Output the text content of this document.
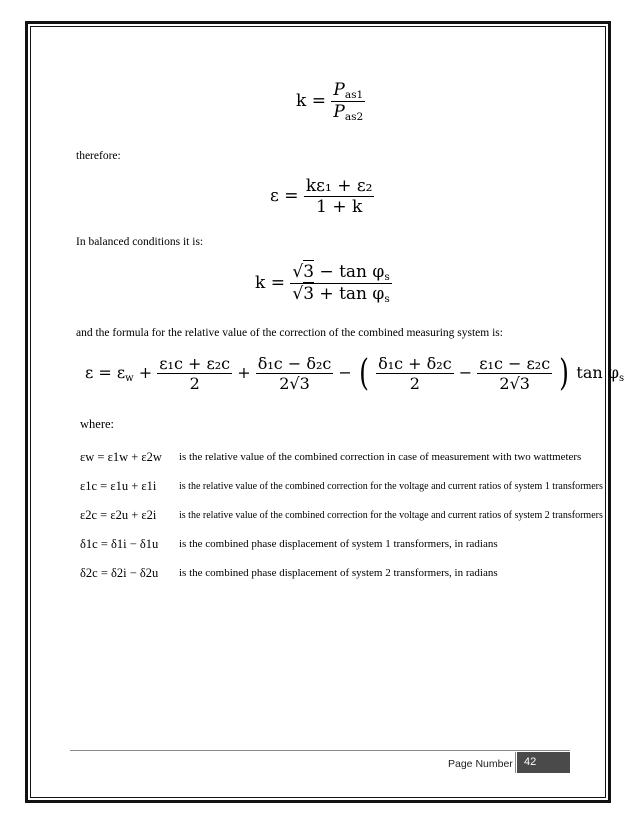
$k = \frac{P_{as1}}{P_{as2}}$
therefore:
$\varepsilon = \frac{\text{kε₁ + ε₂}}{1 + k}$
In balanced conditions it is:
$k = \frac{√3 - \tan \varphi_s}{√3 + \tan \varphi_s}$
and the formula for the relative value of the correction of the combined measuring system is:
$\varepsilon = \varepsilon_w + \frac{\text{ε₁c + ε₂c}}{2} + \frac{\text{δ₁c − δ₂c}}{2√3}$ − ( $\frac{\text{δ₁c + δ₂c}}{2} - \frac{\text{ε₁c − ε₂c}}{2√3}$ ) $\tan \varphi_s$
where:
εw = ε1w + ε2w is the relative value of the combined correction in case of measurement with two wattmeters
ε1c = ε1u + ε1i is the relative value of the combined correction for the voltage and current ratios of system 1 transformers
ε2c = ε2u + ε2i is the relative value of the combined correction for the voltage and current ratios of system 2 transformers
δ1c = δ1i − δ1u is the combined phase displacement of system 1 transformers, in radians
δ2c = δ2i − δ2u is the combined phase displacement of system 2 transformers, in radians
Page Number	42
